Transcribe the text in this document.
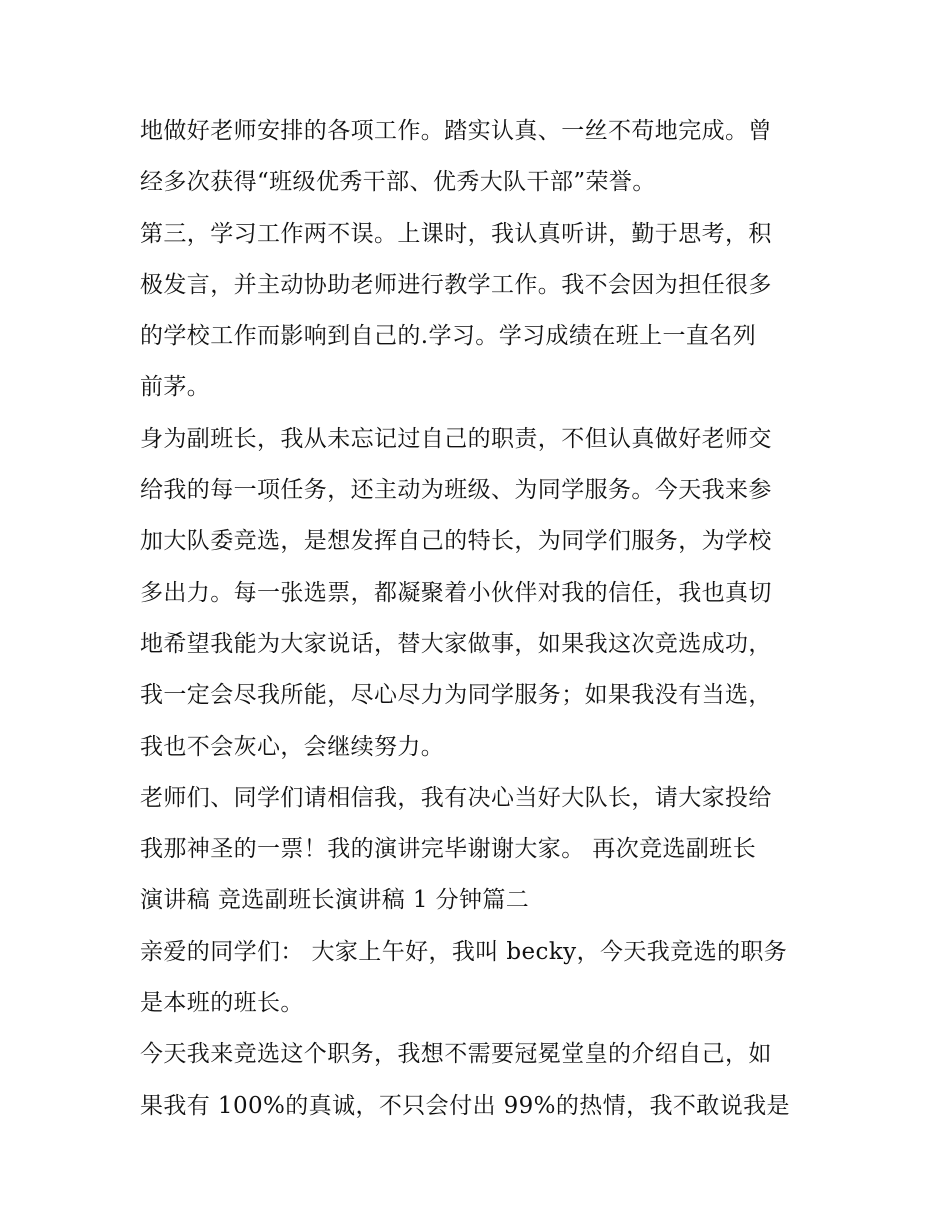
地做好老师安排的各项工作。踏实认真、一丝不苟地完成。曾
经多次获得“班级优秀干部、优秀大队干部”荣誉。
第三，学习工作两不误。上课时，我认真听讲，勤于思考，积
极发言，并主动协助老师进行教学工作。我不会因为担任很多
的学校工作而影响到自己的.学习。学习成绩在班上一直名列
前茅。
身为副班长，我从未忘记过自己的职责，不但认真做好老师交
给我的每一项任务，还主动为班级、为同学服务。今天我来参
加大队委竞选，是想发挥自己的特长，为同学们服务，为学校
多出力。每一张选票，都凝聚着小伙伴对我的信任，我也真切
地希望我能为大家说话，替大家做事，如果我这次竞选成功，
我一定会尽我所能，尽心尽力为同学服务；如果我没有当选，
我也不会灰心，会继续努力。
老师们、同学们请相信我，我有决心当好大队长，请大家投给
我那神圣的一票！我的演讲完毕谢谢大家。 再次竞选副班长
演讲稿 竞选副班长演讲稿 1 分钟篇二
亲爱的同学们： 大家上午好，我叫 becky，今天我竞选的职务
是本班的班长。
今天我来竞选这个职务，我想不需要冠冕堂皇的介绍自己，如
果我有 100%的真诚，不只会付出 99%的热情，我不敢说我是
